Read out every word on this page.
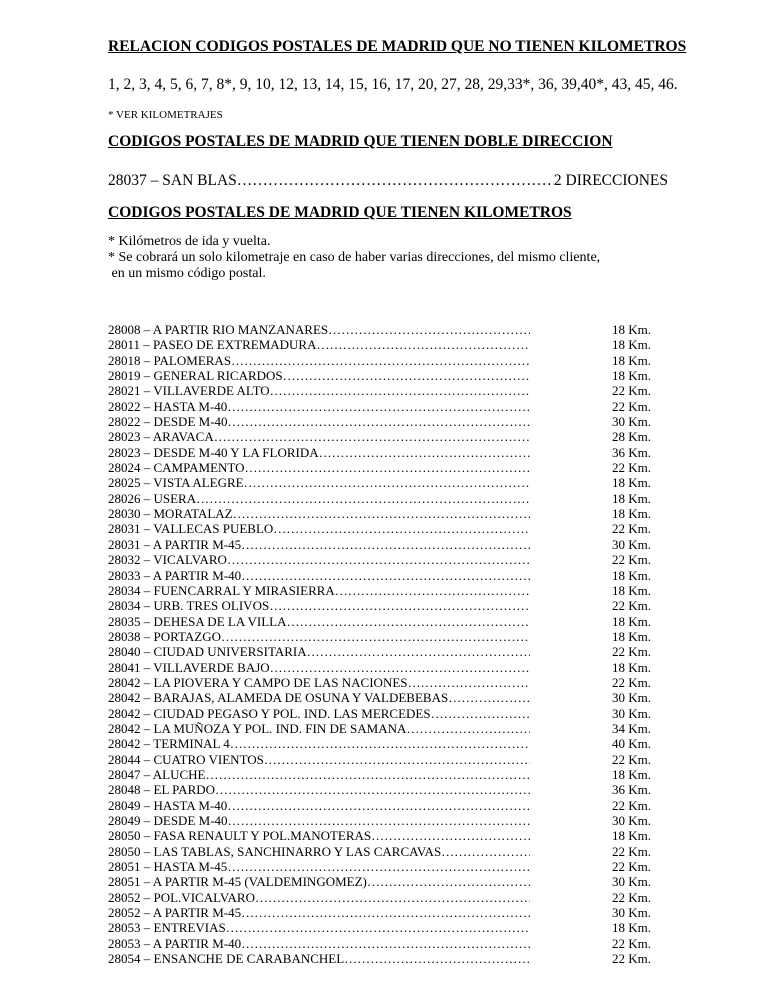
RELACION CODIGOS POSTALES DE MADRID QUE NO TIENEN KILOMETROS
1, 2, 3, 4, 5, 6, 7, 8*, 9, 10, 12, 13, 14, 15, 16, 17, 20, 27, 28, 29,33*, 36, 39,40*, 43, 45, 46.
* VER KILOMETRAJES
CODIGOS POSTALES DE MADRID QUE TIENEN DOBLE DIRECCION
28037 – SAN BLAS ………………………………………………………………………………………………………	2 DIRECCIONES
CODIGOS POSTALES DE MADRID QUE TIENEN KILOMETROS
* Kilómetros de ida y vuelta.
* Se cobrará un solo kilometraje en caso de haber varias direcciones, del mismo cliente,
en un mismo código postal.
28008 – A PARTIR RIO MANZANARES ………………………………………………………………………………………………………	18 Km.
28011 – PASEO DE EXTREMADURA ………………………………………………………………………………………………………	18 Km.
28018 – PALOMERAS ………………………………………………………………………………………………………	18 Km.
28019 – GENERAL RICARDOS ………………………………………………………………………………………………………	18 Km.
28021 – VILLAVERDE ALTO ………………………………………………………………………………………………………	22 Km.
28022 – HASTA M-40 ………………………………………………………………………………………………………	22 Km.
28022 – DESDE M-40 ………………………………………………………………………………………………………	30 Km.
28023 – ARAVACA ………………………………………………………………………………………………………	28 Km.
28023 – DESDE M-40 Y LA FLORIDA ………………………………………………………………………………………………………	36 Km.
28024 – CAMPAMENTO ………………………………………………………………………………………………………	22 Km.
28025 – VISTA ALEGRE ………………………………………………………………………………………………………	18 Km.
28026 – USERA ………………………………………………………………………………………………………	18 Km.
28030 – MORATALAZ ………………………………………………………………………………………………………	18 Km.
28031 – VALLECAS PUEBLO ………………………………………………………………………………………………………	22 Km.
28031 – A PARTIR M-45 ………………………………………………………………………………………………………	30 Km.
28032 – VICALVARO ………………………………………………………………………………………………………	22 Km.
28033 – A PARTIR M-40 ………………………………………………………………………………………………………	18 Km.
28034 – FUENCARRAL Y MIRASIERRA ………………………………………………………………………………………………………	18 Km.
28034 – URB. TRES OLIVOS ………………………………………………………………………………………………………	22 Km.
28035 – DEHESA DE LA VILLA ………………………………………………………………………………………………………	18 Km.
28038 – PORTAZGO ………………………………………………………………………………………………………	18 Km.
28040 – CIUDAD UNIVERSITARIA ………………………………………………………………………………………………………	22 Km.
28041 – VILLAVERDE BAJO ………………………………………………………………………………………………………	18 Km.
28042 – LA PIOVERA Y CAMPO DE LAS NACIONES ………………………………………………………………………………………………………	22 Km.
28042 – BARAJAS, ALAMEDA DE OSUNA Y VALDEBEBAS ………………………………………………………………………………………………………	30 Km.
28042 – CIUDAD PEGASO Y POL. IND. LAS MERCEDES ………………………………………………………………………………………………………	30 Km.
28042 – LA MUÑOZA Y POL. IND. FIN DE SAMANA ………………………………………………………………………………………………………	34 Km.
28042 – TERMINAL 4 ………………………………………………………………………………………………………	40 Km.
28044 – CUATRO VIENTOS ………………………………………………………………………………………………………	22 Km.
28047 – ALUCHE ………………………………………………………………………………………………………	18 Km.
28048 – EL PARDO ………………………………………………………………………………………………………	36 Km.
28049 – HASTA M-40 ………………………………………………………………………………………………………	22 Km.
28049 – DESDE M-40 ………………………………………………………………………………………………………	30 Km.
28050 – FASA RENAULT Y POL.MANOTERAS ………………………………………………………………………………………………………	18 Km.
28050 – LAS TABLAS, SANCHINARRO Y LAS CARCAVAS ………………………………………………………………………………………………………	22 Km.
28051 – HASTA M-45 ………………………………………………………………………………………………………	22 Km.
28051 – A PARTIR M-45 (VALDEMINGOMEZ) ………………………………………………………………………………………………………	30 Km.
28052 – POL.VICALVARO ………………………………………………………………………………………………………	22 Km.
28052 – A PARTIR M-45 ………………………………………………………………………………………………………	30 Km.
28053 – ENTREVIAS ………………………………………………………………………………………………………	18 Km.
28053 – A PARTIR M-40 ………………………………………………………………………………………………………	22 Km.
28054 – ENSANCHE DE CARABANCHEL ………………………………………………………………………………………………………	22 Km.
